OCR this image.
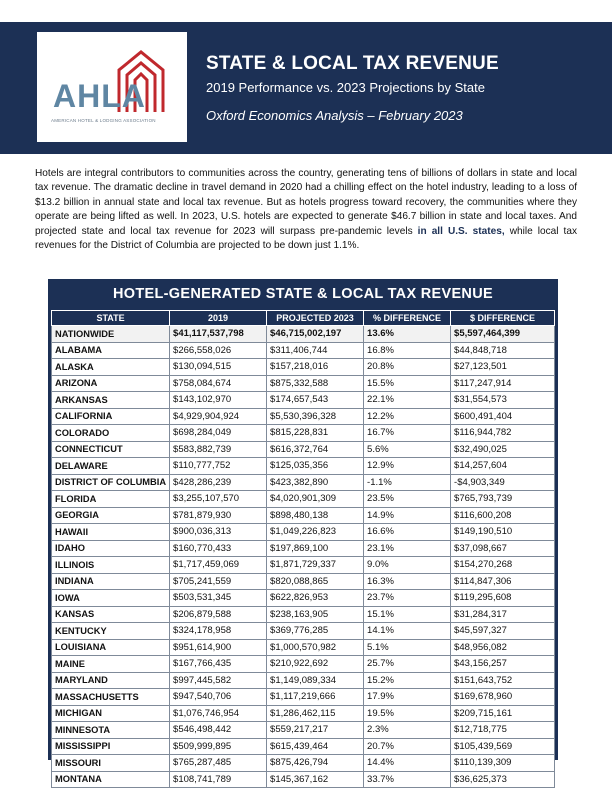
AHLA
AMERICAN HOTEL & LODGING ASSOCIATION
STATE & LOCAL TAX REVENUE
2019 Performance vs. 2023 Projections by State
Oxford Economics Analysis – February 2023
Hotels are integral contributors to communities across the country, generating tens of billions of dollars in state and local tax revenue. The dramatic decline in travel demand in 2020 had a chilling effect on the hotel industry, leading to a loss of $13.2 billion in annual state and local tax revenue. But as hotels progress toward recovery, the communities where they operate are being lifted as well. In 2023, U.S. hotels are expected to generate $46.7 billion in state and local taxes. And projected state and local tax revenue for 2023 will surpass pre-pandemic levels in all U.S. states, while local tax revenues for the District of Columbia are projected to be down just 1.1%.
HOTEL-GENERATED STATE & LOCAL TAX REVENUE
STATE	2019	PROJECTED 2023	% DIFFERENCE	$ DIFFERENCE
NATIONWIDE	$41,117,537,798	$46,715,002,197	13.6%	$5,597,464,399
ALABAMA	$266,558,026	$311,406,744	16.8%	$44,848,718
ALASKA	$130,094,515	$157,218,016	20.8%	$27,123,501
ARIZONA	$758,084,674	$875,332,588	15.5%	$117,247,914
ARKANSAS	$143,102,970	$174,657,543	22.1%	$31,554,573
CALIFORNIA	$4,929,904,924	$5,530,396,328	12.2%	$600,491,404
COLORADO	$698,284,049	$815,228,831	16.7%	$116,944,782
CONNECTICUT	$583,882,739	$616,372,764	5.6%	$32,490,025
DELAWARE	$110,777,752	$125,035,356	12.9%	$14,257,604
DISTRICT OF COLUMBIA	$428,286,239	$423,382,890	-1.1%	-$4,903,349
FLORIDA	$3,255,107,570	$4,020,901,309	23.5%	$765,793,739
GEORGIA	$781,879,930	$898,480,138	14.9%	$116,600,208
HAWAII	$900,036,313	$1,049,226,823	16.6%	$149,190,510
IDAHO	$160,770,433	$197,869,100	23.1%	$37,098,667
ILLINOIS	$1,717,459,069	$1,871,729,337	9.0%	$154,270,268
INDIANA	$705,241,559	$820,088,865	16.3%	$114,847,306
IOWA	$503,531,345	$622,826,953	23.7%	$119,295,608
KANSAS	$206,879,588	$238,163,905	15.1%	$31,284,317
KENTUCKY	$324,178,958	$369,776,285	14.1%	$45,597,327
LOUISIANA	$951,614,900	$1,000,570,982	5.1%	$48,956,082
MAINE	$167,766,435	$210,922,692	25.7%	$43,156,257
MARYLAND	$997,445,582	$1,149,089,334	15.2%	$151,643,752
MASSACHUSETTS	$947,540,706	$1,117,219,666	17.9%	$169,678,960
MICHIGAN	$1,076,746,954	$1,286,462,115	19.5%	$209,715,161
MINNESOTA	$546,498,442	$559,217,217	2.3%	$12,718,775
MISSISSIPPI	$509,999,895	$615,439,464	20.7%	$105,439,569
MISSOURI	$765,287,485	$875,426,794	14.4%	$110,139,309
MONTANA	$108,741,789	$145,367,162	33.7%	$36,625,373
